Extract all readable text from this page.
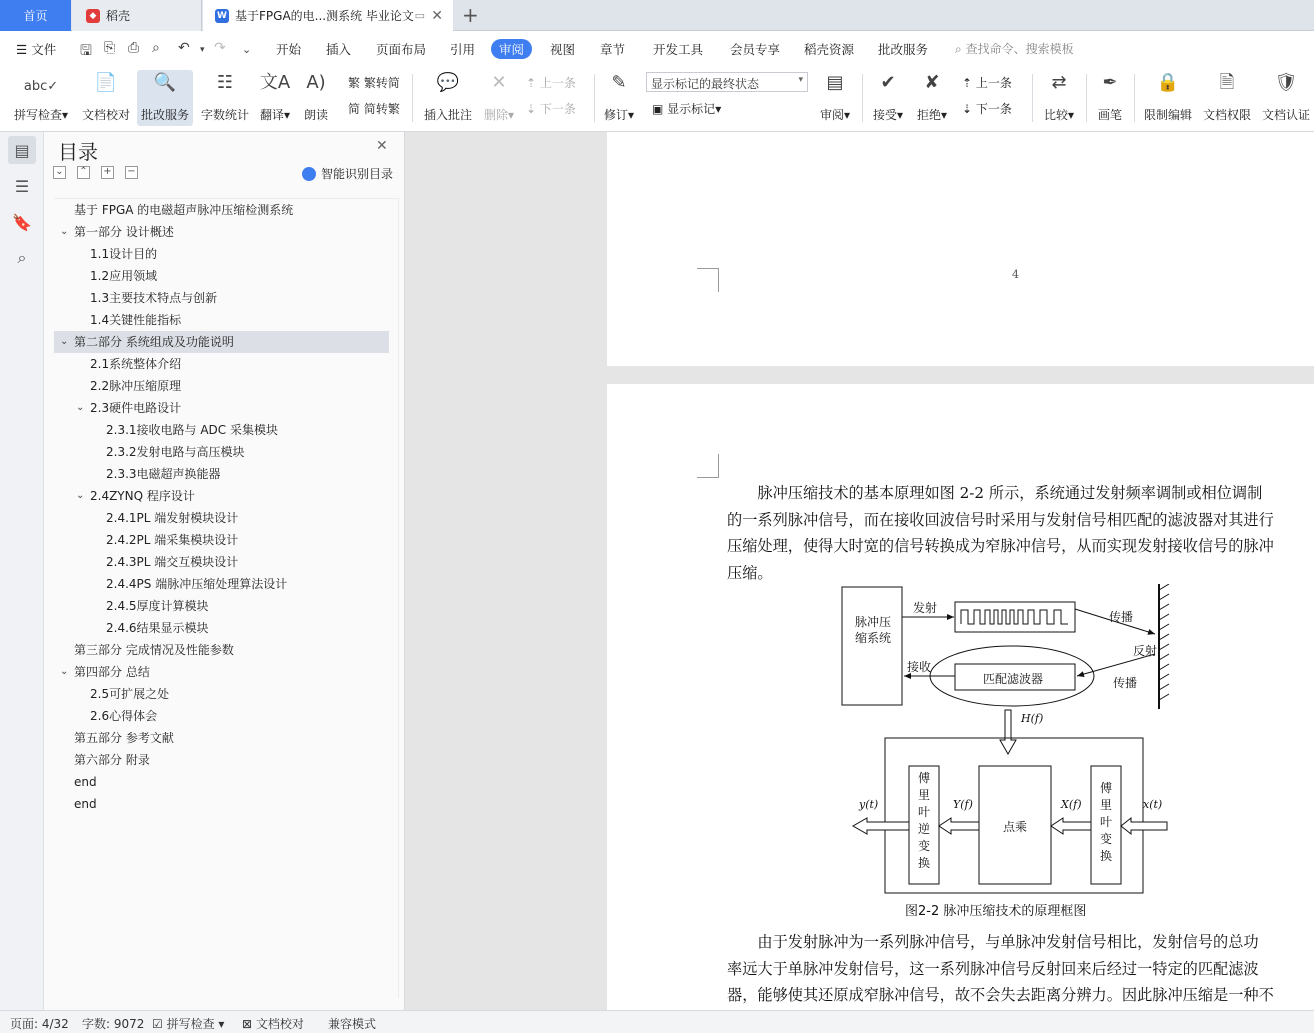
首页	◆ 稻壳	W 基于FPGA的电...测系统 毕业论文 ▭ ✕ +
☰ 文件 🖫 ⎘ ⎙ ⌕ ↶ ▾ ↷ ⌄ 开始 插入 页面布局 引用	审阅	视图 章节 开发工具 会员专享 稻壳资源 批改服务 ⌕ 查找命令、搜索模板
abc✓
拼写检查▾
📄
文档校对
🔍
批改服务
☷
字数统计
文A
翻译▾
A)
朗读
繁 繁转简
简 简转繁
💬
插入批注
✕
删除▾
⇡ 上一条
⇣ 下一条
✎
修订▾
显示标记的最终状态	▾
▣ 显示标记▾
▤
审阅▾
✔
接受▾
✘
拒绝▾
⇡ 上一条
⇣ 下一条
⇄
比较▾
✒
画笔
🔒
限制编辑
🗎
文档权限
🛡
文档认证
▤
☰
🔖
⌕
目录	✕
⌄ ⌃ + −	智能识别目录
基于 FPGA 的电磁超声脉冲压缩检测系统
⌄ 第一部分 设计概述
1.1设计目的
1.2应用领域
1.3主要技术特点与创新
1.4关键性能指标
⌄ 第二部分 系统组成及功能说明
2.1系统整体介绍
2.2脉冲压缩原理
⌄ 2.3硬件电路设计
2.3.1接收电路与 ADC 采集模块
2.3.2发射电路与高压模块
2.3.3电磁超声换能器
⌄ 2.4ZYNQ 程序设计
2.4.1PL 端发射模块设计
2.4.2PL 端采集模块设计
2.4.3PL 端交互模块设计
2.4.4PS 端脉冲压缩处理算法设计
2.4.5厚度计算模块
2.4.6结果显示模块
第三部分 完成情况及性能参数
⌄ 第四部分 总结
2.5可扩展之处
2.6心得体会
第五部分 参考文献
第六部分 附录
end
end
4
　　脉冲压缩技术的基本原理如图 2-2 所示，系统通过发射频率调制或相位调制
的一系列脉冲信号，而在接收回波信号时采用与发射信号相匹配的滤波器对其进行
压缩处理，使得大时宽的信号转换成为窄脉冲信号，从而实现发射接收信号的脉冲
压缩。
脉冲压缩系统
发射
接收
传播
反射
传播
匹配滤波器
H(f)
傅
里
叶
逆
变
换
傅
里
叶
变
换
点乘
y(t)	Y(f)	X(f)	x(t)
图2-2 脉冲压缩技术的原理框图
　　由于发射脉冲为一系列脉冲信号，与单脉冲发射信号相比，发射信号的总功
率远大于单脉冲发射信号，这一系列脉冲信号反射回来后经过一特定的匹配滤波
器，能够使其还原成窄脉冲信号，故不会失去距离分辨力。因此脉冲压缩是一种不
页面: 4/32 字数: 9072 ☑ 拼写检查 ▾ ⊠ 文档校对 兼容模式
